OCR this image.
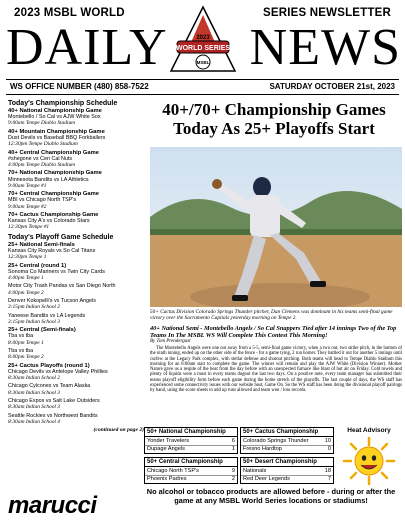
2023 MSBL WORLD	SERIES NEWSLETTER
DAILY NEWS
WORLD SERIES
2023
MSBL
WS OFFICE NUMBER (480) 858-7522	SATURDAY OCTOBER 21st, 2023
Today's Championship Schedule
40+ National Championship Game
Montebello / So Cal vs AJW White Sox
9:00am Tempe Diablo Stadium
40+ Mountain Championship Game
Dust Devils vs Baseball BBQ Forkballers
12:30pm Tempe Diablo Stadium
40+ Central Championship Game
#shegone vs Cen Cal Nuts
4:00pm Tempe Diablo Stadium
70+ National Championship Game
Minnesota Bandits vs LA Athletics
9:00am Tempe #1
70+ Central Championship Game
MBI vs Chicago North TSP's
9:00am Tempe #2
70+ Cactus Championship Game
Kansas City A's vs Colorado Stars
12:30pm Tempe #1
Today's Playoff Game Schedule
25+ National Semi-finals
Kansas City Royals vs So Cal Titans
12:30pm Tempe 1
25+ Central (round 1)
Sonoma Co Mariners vs Twin City Cards
4:00pm Tempe 1
Motor City Trash Pandas vs San Diego North
4:00pm Tempe 2
Denver Kokopelli's vs Tucson Angels
3:15pm Indian School 2
Yaneese Bandits vs LA Legends
3:15pm Indian School 3
25+ Central (Semi-finals)
Tba vs tba
8:00pm Tempe 1
Tba vs tba
8:00pm Tempe 2
25+ Cactus Playoffs (round 1)
Chicago Devils vs Antelope Valley Phillies
8:30am Indian School 2
Chicago Cylcones vs Team Alaska
8:30am Indian School 3
Chicago Expos vs Salt Lake Outsiders
8:30am Indian School 3
Seattle Rockies vs Northwest Bandits
8:30am Indian School 4
(continued on page 2)
40+/70+ Championship Games Today As 25+ Playoffs Start
50+ Cactus Division Colorado Springs Thunder pitcher, Dan Clemens was dominant in his teams semi-final game victory over the Sacramento Capitals yesterday morning on Tempe 2.
40+ National Semi - Montebello Angels / So Cal Snappers Tied after 14 innings Two of the Top Teams In The MSBL WS Will Complete This Contest This Morning!
By Tom Prendergast
The Montebello Angels were one out away from a 5-5, semi-final game victory, when a two out, two strike pitch, in the bottom of the ninth inning, ended up on the other side of the fence - for a game tying, 2 run homer. They battled it out for another 5 innings until curfew at the Legacy Park complex, with stellar defense and shutout pitching. Both teams will head to Tempe Diablo Stadium this morning for an 8:00am start to complete the game. The winner will remain and play the AJW White (Division Winner). Mother Nature gave us a respite of the heat from the day before with an unexpected furnace like blast of hot air on Friday. Cold towels and plenty of liquids were a must in every teams dugout the last two days. On a positive note, every team manager has submitted their teams playoff eligibility form before each game during the home stretch of the playoffs. The last couple of days, the WS staff has experienced some connectivity issues with our website host, Game On. So the WS staff has been doing the divisional playoff pairings by hand, using the score sheets to add up runs allowed and team won / loss records.
50+ National Championship
Yonder Travelers	6
Dupage Angels	1
50+ Cactus Championship
Colorado Springs Thunder	10
Fresno Hardtop	0
50+ Central Championship
Chicago North TSP's	9
Phoenix Padres	2
50+ Desert Championship
Nationals	18
Red Deer Legends	7
Heat Advisory
marucci
No alcohol or tobacco products are allowed before - during or after the game at any MSBL World Series locations or stadiums!
